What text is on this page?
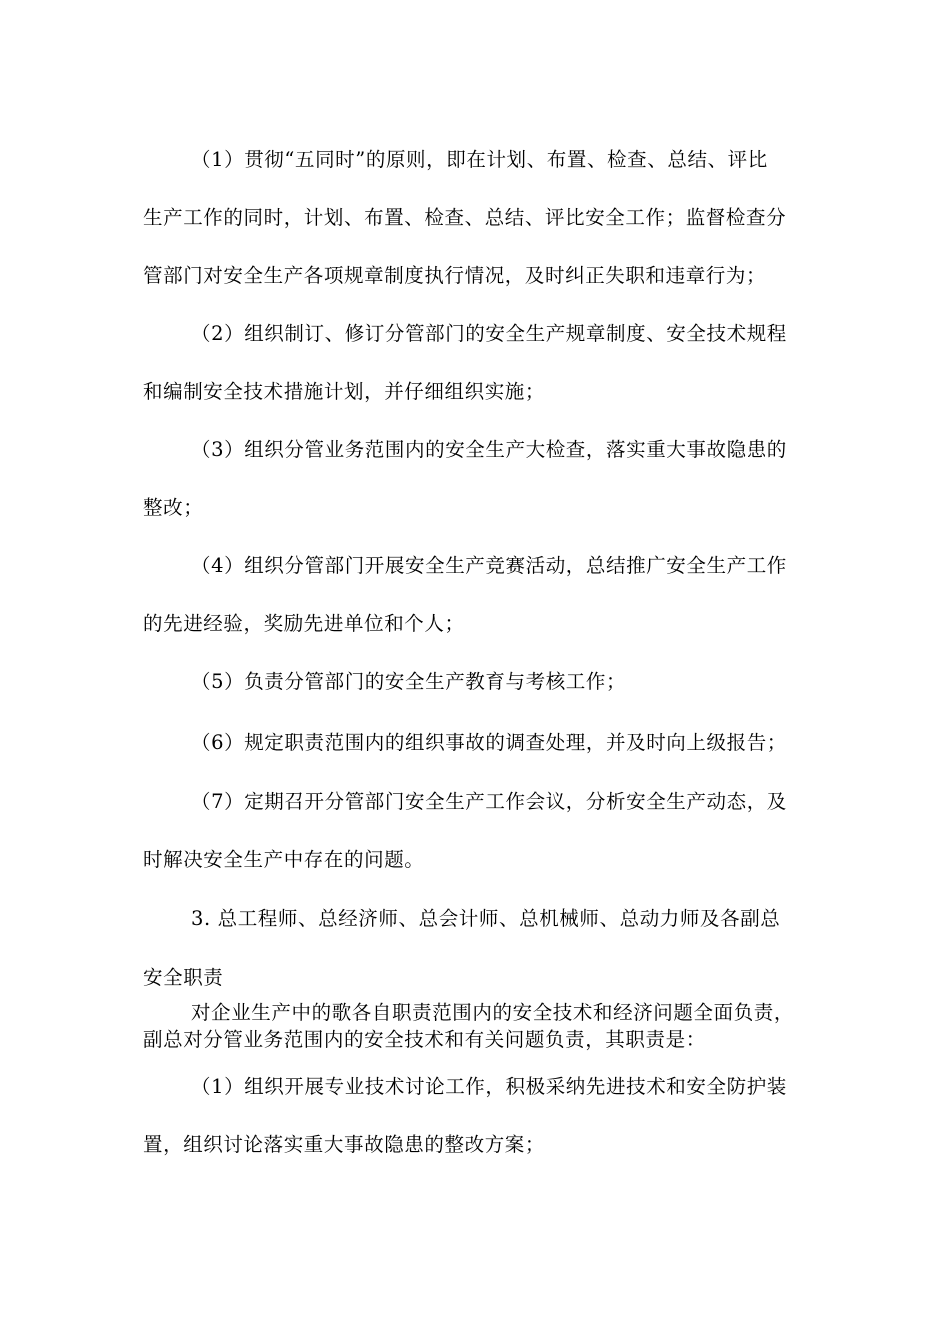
（1）贯彻“五同时”的原则，即在计划、布置、检查、总结、评比
生产工作的同时，计划、布置、检查、总结、评比安全工作；监督检查分
管部门对安全生产各项规章制度执行情况，及时纠正失职和违章行为；
（2）组织制订、修订分管部门的安全生产规章制度、安全技术规程
和编制安全技术措施计划，并仔细组织实施；
（3）组织分管业务范围内的安全生产大检查，落实重大事故隐患的
整改；
（4）组织分管部门开展安全生产竞赛活动，总结推广安全生产工作
的先进经验，奖励先进单位和个人；
（5）负责分管部门的安全生产教育与考核工作；
（6）规定职责范围内的组织事故的调查处理，并及时向上级报告；
（7）定期召开分管部门安全生产工作会议，分析安全生产动态，及
时解决安全生产中存在的问题。
3. 总工程师、总经济师、总会计师、总机械师、总动力师及各副总
安全职责
对企业生产中的歌各自职责范围内的安全技术和经济问题全面负责，
副总对分管业务范围内的安全技术和有关问题负责，其职责是：
（1）组织开展专业技术讨论工作，积极采纳先进技术和安全防护装
置，组织讨论落实重大事故隐患的整改方案；
